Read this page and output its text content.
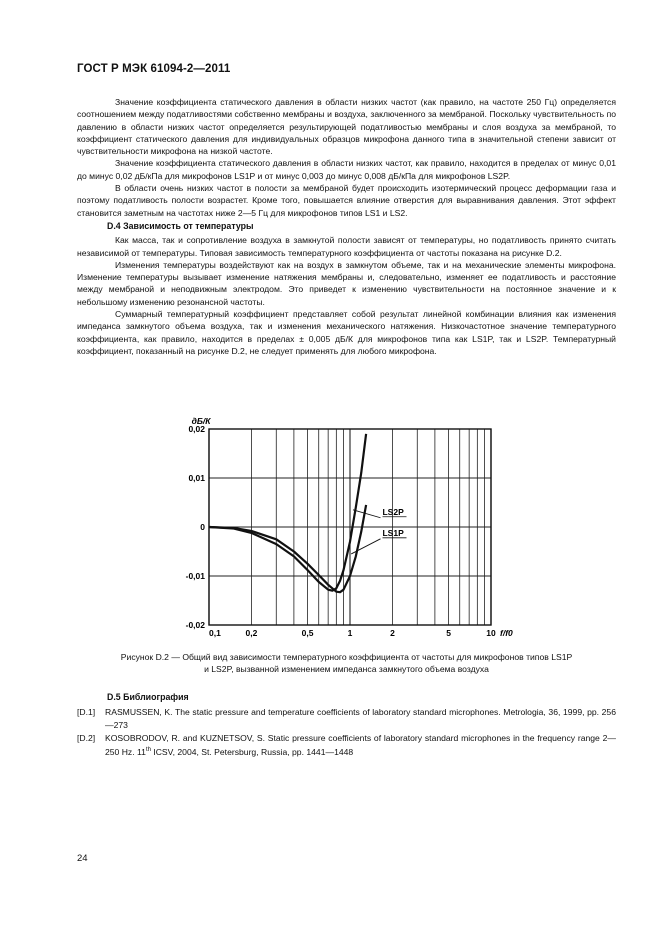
ГОСТ Р МЭК 61094-2—2011

Значение коэффициента статического давления в области низких частот (как правило, на частоте 250 Гц) определяется соотношением между податливостями собственно мембраны и воздуха, заключенного за мембраной. Поскольку чувствительность по давлению в области низких частот определяется результирующей податливостью мембраны и слоя воздуха за мембраной, то коэффициент статического давления для индивидуальных образцов микрофона данного типа в значительной степени зависит от чувствительности микрофона на низкой частоте.

Значение коэффициента статического давления в области низких частот, как правило, находится в пределах от минус 0,01 до минус 0,02 дБ/кПа для микрофонов LS1P и от минус 0,003 до минус 0,008 дБ/кПа для микрофонов LS2P.

В области очень низких частот в полости за мембраной будет происходить изотермический процесс деформации газа и поэтому податливость полости возрастет. Кроме того, повышается влияние отверстия для выравнивания давления. Этот эффект становится заметным на частотах ниже 2—5 Гц для микрофонов типов LS1 и LS2.

D.4 Зависимость от температуры

Как масса, так и сопротивление воздуха в замкнутой полости зависят от температуры, но податливость принято считать независимой от температуры. Типовая зависимость температурного коэффициента от частоты показана на рисунке D.2.

Изменения температуры воздействуют как на воздух в замкнутом объеме, так и на механические элементы микрофона. Изменение температуры вызывает изменение натяжения мембраны и, следовательно, изменяет ее податливость и расстояние между мембраной и неподвижным электродом. Это приведет к изменению чувствительности на постоянное значение и к небольшому изменению резонансной частоты.

Суммарный температурный коэффициент представляет собой результат линейной комбинации влияния как изменения импеданса замкнутого объема воздуха, так и изменения механического натяжения. Низкочастотное значение температурного коэффициента, как правило, находится в пределах ± 0,005 дБ/К для микрофонов типа как LS1P, так и LS2P. Температурный коэффициент, показанный на рисунке D.2, не следует применять для любого микрофона.

0,02
0,01
0
-0,01
-0,02
0,1	0,2	0,5	1	2	5	10
дБ/К
f/f0
LS2P
LS1P
Рисунок D.2 — Общий вид зависимости температурного коэффициента от частоты для микрофонов типов LS1P
и LS2P, вызванной изменением импеданса замкнутого объема воздуха
D.5 Библиография
[D.1]	RASMUSSEN, K. The static pressure and temperature coefficients of laboratory standard microphones. Metrologia, 36, 1999, pp. 256—273
[D.2]	KOSOBRODOV, R. and KUZNETSOV, S. Static pressure coefficients of laboratory standard microphones in the frequency range 2—250 Hz. 11th ICSV, 2004, St. Petersburg, Russia, pp. 1441—1448
24
